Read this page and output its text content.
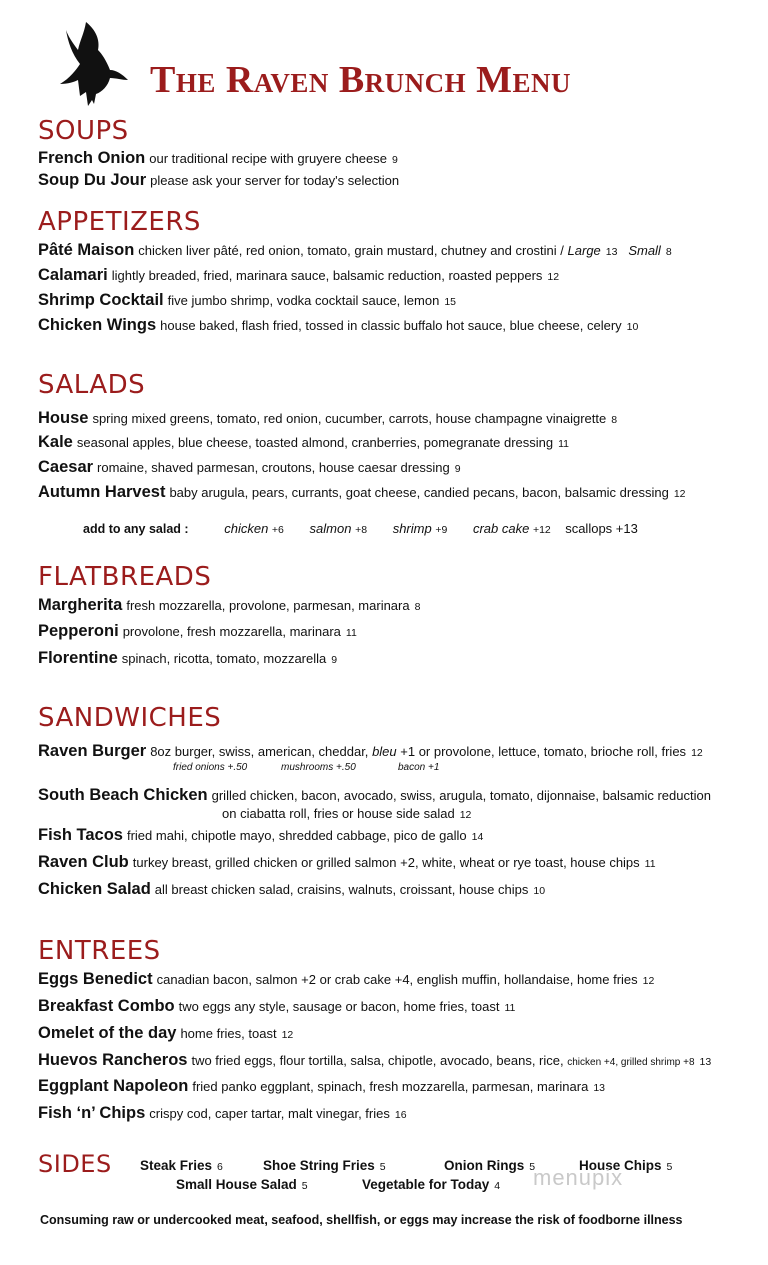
The Raven Brunch Menu
SOUPS
French Onion our traditional recipe with gruyere cheese 9
Soup Du Jour please ask your server for today's selection
APPETIZERS
Pâté Maison chicken liver pâté, red onion, tomato, grain mustard, chutney and crostini / Large 13 Small 8
Calamari lightly breaded, fried, marinara sauce, balsamic reduction, roasted peppers 12
Shrimp Cocktail five jumbo shrimp, vodka cocktail sauce, lemon 15
Chicken Wings house baked, flash fried, tossed in classic buffalo hot sauce, blue cheese, celery 10
SALADS
House spring mixed greens, tomato, red onion, cucumber, carrots, house champagne vinaigrette 8
Kale seasonal apples, blue cheese, toasted almond, cranberries, pomegranate dressing 11
Caesar romaine, shaved parmesan, croutons, house caesar dressing 9
Autumn Harvest baby arugula, pears, currants, goat cheese, candied pecans, bacon, balsamic dressing 12
add to any salad :	chicken +6 salmon +8 shrimp +9 crab cake +12 scallops +13
FLATBREADS
Margherita fresh mozzarella, provolone, parmesan, marinara 8
Pepperoni provolone, fresh mozzarella, marinara 11
Florentine spinach, ricotta, tomato, mozzarella 9
SANDWICHES
Raven Burger 8oz burger, swiss, american, cheddar, bleu +1 or provolone, lettuce, tomato, brioche roll, fries 12
fried onions +.50	mushrooms +.50	bacon +1
South Beach Chicken grilled chicken, bacon, avocado, swiss, arugula, tomato, dijonnaise, balsamic reduction
on ciabatta roll, fries or house side salad 12
Fish Tacos fried mahi, chipotle mayo, shredded cabbage, pico de gallo 14
Raven Club turkey breast, grilled chicken or grilled salmon +2, white, wheat or rye toast, house chips 11
Chicken Salad all breast chicken salad, craisins, walnuts, croissant, house chips 10
ENTREES
Eggs Benedict canadian bacon, salmon +2 or crab cake +4, english muffin, hollandaise, home fries 12
Breakfast Combo two eggs any style, sausage or bacon, home fries, toast 11
Omelet of the day home fries, toast 12
Huevos Rancheros two fried eggs, flour tortilla, salsa, chipotle, avocado, beans, rice, chicken +4, grilled shrimp +8 13
Eggplant Napoleon fried panko eggplant, spinach, fresh mozzarella, parmesan, marinara 13
Fish ‘n’ Chips crispy cod, caper tartar, malt vinegar, fries 16
SIDES Steak Fries 6	Shoe String Fries 5	Onion Rings 5	House Chips 5
Small House Salad 5	Vegetable for Today 4 menupix
Consuming raw or undercooked meat, seafood, shellfish, or eggs may increase the risk of foodborne illness
